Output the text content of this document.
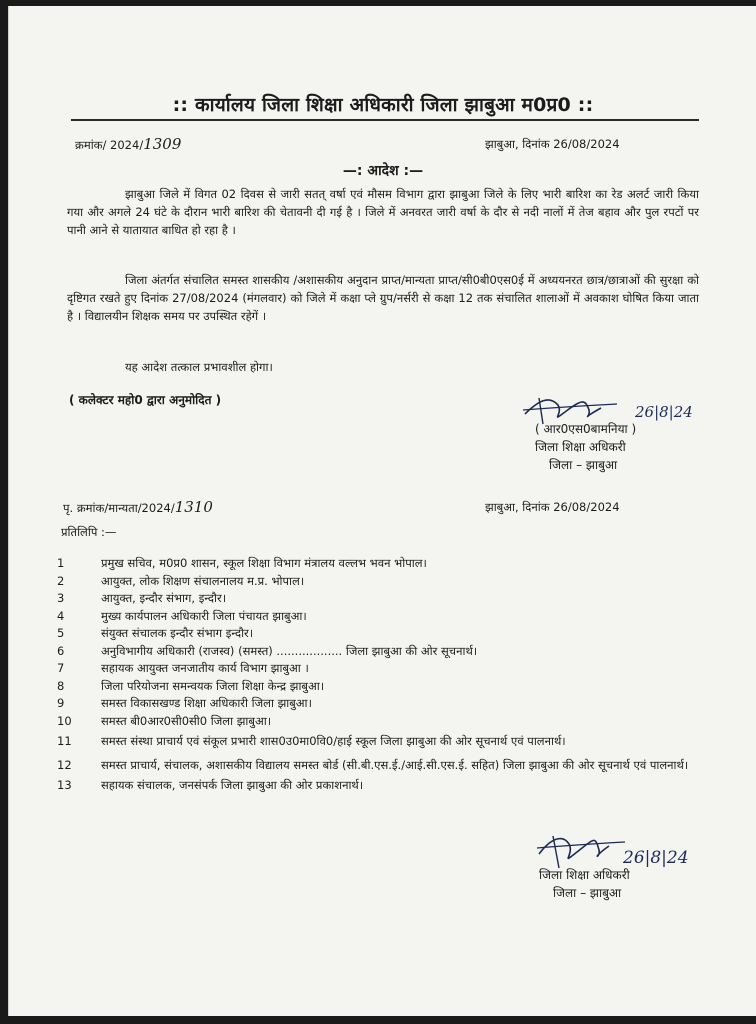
:: कार्यालय जिला शिक्षा अधिकारी जिला झाबुआ म0प्र0 ::
क्रमांक/ 2024/1309	झाबुआ, दिनांक 26/08/2024
—: आदेश :—
झाबुआ जिले में विगत 02 दिवस से जारी सतत् वर्षा एवं मौसम विभाग द्वारा झाबुआ जिले के लिए भारी बारिश का रेड अलर्ट जारी किया गया और अगले 24 घंटे के दौरान भारी बारिश की चेतावनी दी गई है । जिले में अनवरत जारी वर्षा के दौर से नदी नालों में तेज बहाव और पुल रपटों पर पानी आने से यातायात बाधित हो रहा है ।
जिला अंतर्गत संचालित समस्त शासकीय /अशासकीय अनुदान प्राप्त/मान्यता प्राप्त/सी0बी0एस0ई में अध्ययनरत छात्र/छात्राओं की सुरक्षा को दृष्टिगत रखते हुए दिनांक 27/08/2024 (मंगलवार) को जिले में कक्षा प्ले ग्रुप/नर्सरी से कक्षा 12 तक संचालित शालाओं में अवकाश घोषित किया जाता है । विद्यालयीन शिक्षक समय पर उपस्थित रहेगें ।
यह आदेश तत्काल प्रभावशील होगा।
( कलेक्टर महो0 द्वारा अनुमोदित )
26|8|24
( आर0एस0बामनिया )
जिला शिक्षा अधिकरी
जिला – झाबुआ
पृ. क्रमांक/मान्यता/2024/1310	झाबुआ, दिनांक 26/08/2024
प्रतिलिपि :—
1	प्रमुख सचिव, म0प्र0 शासन, स्कूल शिक्षा विभाग मंत्रालय वल्लभ भवन भोपाल।
2	आयुक्त, लोक शिक्षण संचालनालय म.प्र. भोपाल।
3	आयुक्त, इन्दौर संभाग, इन्दौर।
4	मुख्य कार्यपालन अधिकारी जिला पंचायत झाबुआ।
5	संयुक्त संचालक इन्दौर संभाग इन्दौर।
6	अनुविभागीय अधिकारी (राजस्व) (समस्त) .................. जिला झाबुआ की ओर सूचनार्थ।
7	सहायक आयुक्त जनजातीय कार्य विभाग झाबुआ ।
8	जिला परियोजना समन्वयक जिला शिक्षा केन्द्र झाबुआ।
9	समस्त विकासखण्ड शिक्षा अधिकारी जिला झाबुआ।
10	समस्त बी0आर0सी0सी0 जिला झाबुआ।
11	समस्त संस्था प्राचार्य एवं संकूल प्रभारी शास0उ0मा0वि0/हाई स्कूल जिला झाबुआ की ओर सूचनार्थ एवं पालनार्थ।
12	समस्त प्राचार्य, संचालक, अशासकीय विद्यालय समस्त बोर्ड (सी.बी.एस.ई./आई.सी.एस.ई. सहित) जिला झाबुआ की ओर सूचनार्थ एवं पालनार्थ।
13	सहायक संचालक, जनसंपर्क जिला झाबुआ की ओर प्रकाशनार्थ।
26|8|24
जिला शिक्षा अधिकरी
जिला – झाबुआ
